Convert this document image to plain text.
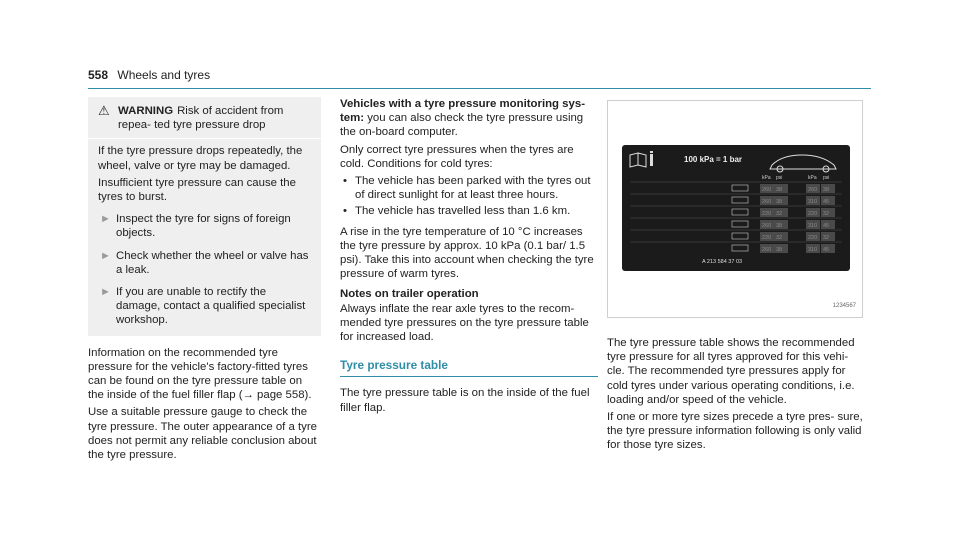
558 Wheels and tyres
⚠ WARNING Risk of accident from repea‐ ted tyre pressure drop

If the tyre pressure drops repeatedly, the wheel, valve or tyre may be damaged.

Insufficient tyre pressure can cause the tyres to burst.

► Inspect the tyre for signs of foreign objects.
► Check whether the wheel or valve has a leak.
► If you are unable to rectify the damage, contact a qualified specialist workshop.

Information on the recommended tyre pressure for the vehicle's factory-fitted tyres can be found on the tyre pressure table on the inside of the fuel filler flap (→ page 558).

Use a suitable pressure gauge to check the tyre pressure. The outer appearance of a tyre does not permit any reliable conclusion about the tyre pressure.

Vehicles with a tyre pressure monitoring sys‐ tem: you can also check the tyre pressure using the on-board computer.

Only correct tyre pressures when the tyres are cold. Conditions for cold tyres:

• The vehicle has been parked with the tyres out of direct sunlight for at least three hours.
• The vehicle has travelled less than 1.6 km.

A rise in the tyre temperature of 10 °C increases the tyre pressure by approx. 10 kPa (0.1 bar/ 1.5 psi). Take this into account when checking the tyre pressure of warm tyres.

Notes on trailer operation

Always inflate the rear axle tyres to the recom‐ mended tyre pressures on the tyre pressure table for increased load.

Tyre pressure table

The tyre pressure table is on the inside of the fuel filler flap.

100 kPa = 1 bar
kPa psi	kPa psi
260 38	260 38
260 38	310 45
220 32	220 32
260 38	310 45
220 32	220 32
260 38	310 45
A 213 584 37 03
1234567

The tyre pressure table shows the recommended tyre pressure for all tyres approved for this vehi‐ cle. The recommended tyre pressures apply for cold tyres under various operating conditions, i.e. loading and/or speed of the vehicle.

If one or more tyre sizes precede a tyre pres‐ sure, the tyre pressure information following is only valid for those tyre sizes.
